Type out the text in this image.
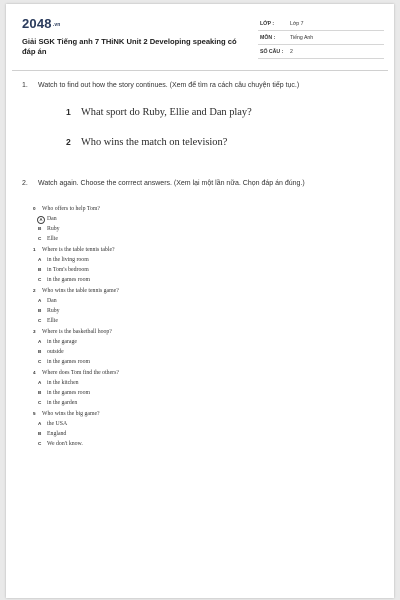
2048.vn
Giải SGK Tiếng anh 7 THiNK Unit 2 Developing speaking có đáp án
LỚP :	Lớp 7
MÔN :	Tiếng Anh
SỐ CÂU : 2
1. Watch to find out how the story continues. (Xem để tìm ra cách câu chuyện tiếp tục.)
1 What sport do Ruby, Ellie and Dan play?
2 Who wins the match on television?
2. Watch again. Choose the corrrect answers. (Xem lại một lần nữa. Chọn đáp án đúng.)
0 Who offers to help Tom?
A Dan
B Ruby
C Ellie
1 Where is the table tennis table?
A in the living room
B in Tom's bedroom
C in the games room
2 Who wins the table tennis game?
A Dan
B Ruby
C Ellie
3 Where is the basketball hoop?
A in the garage
B outside
C in the games room
4 Where does Tom find the others?
A in the kitchen
B in the games room
C in the garden
5 Who wins the big game?
A the USA
B England
C We don't know.
